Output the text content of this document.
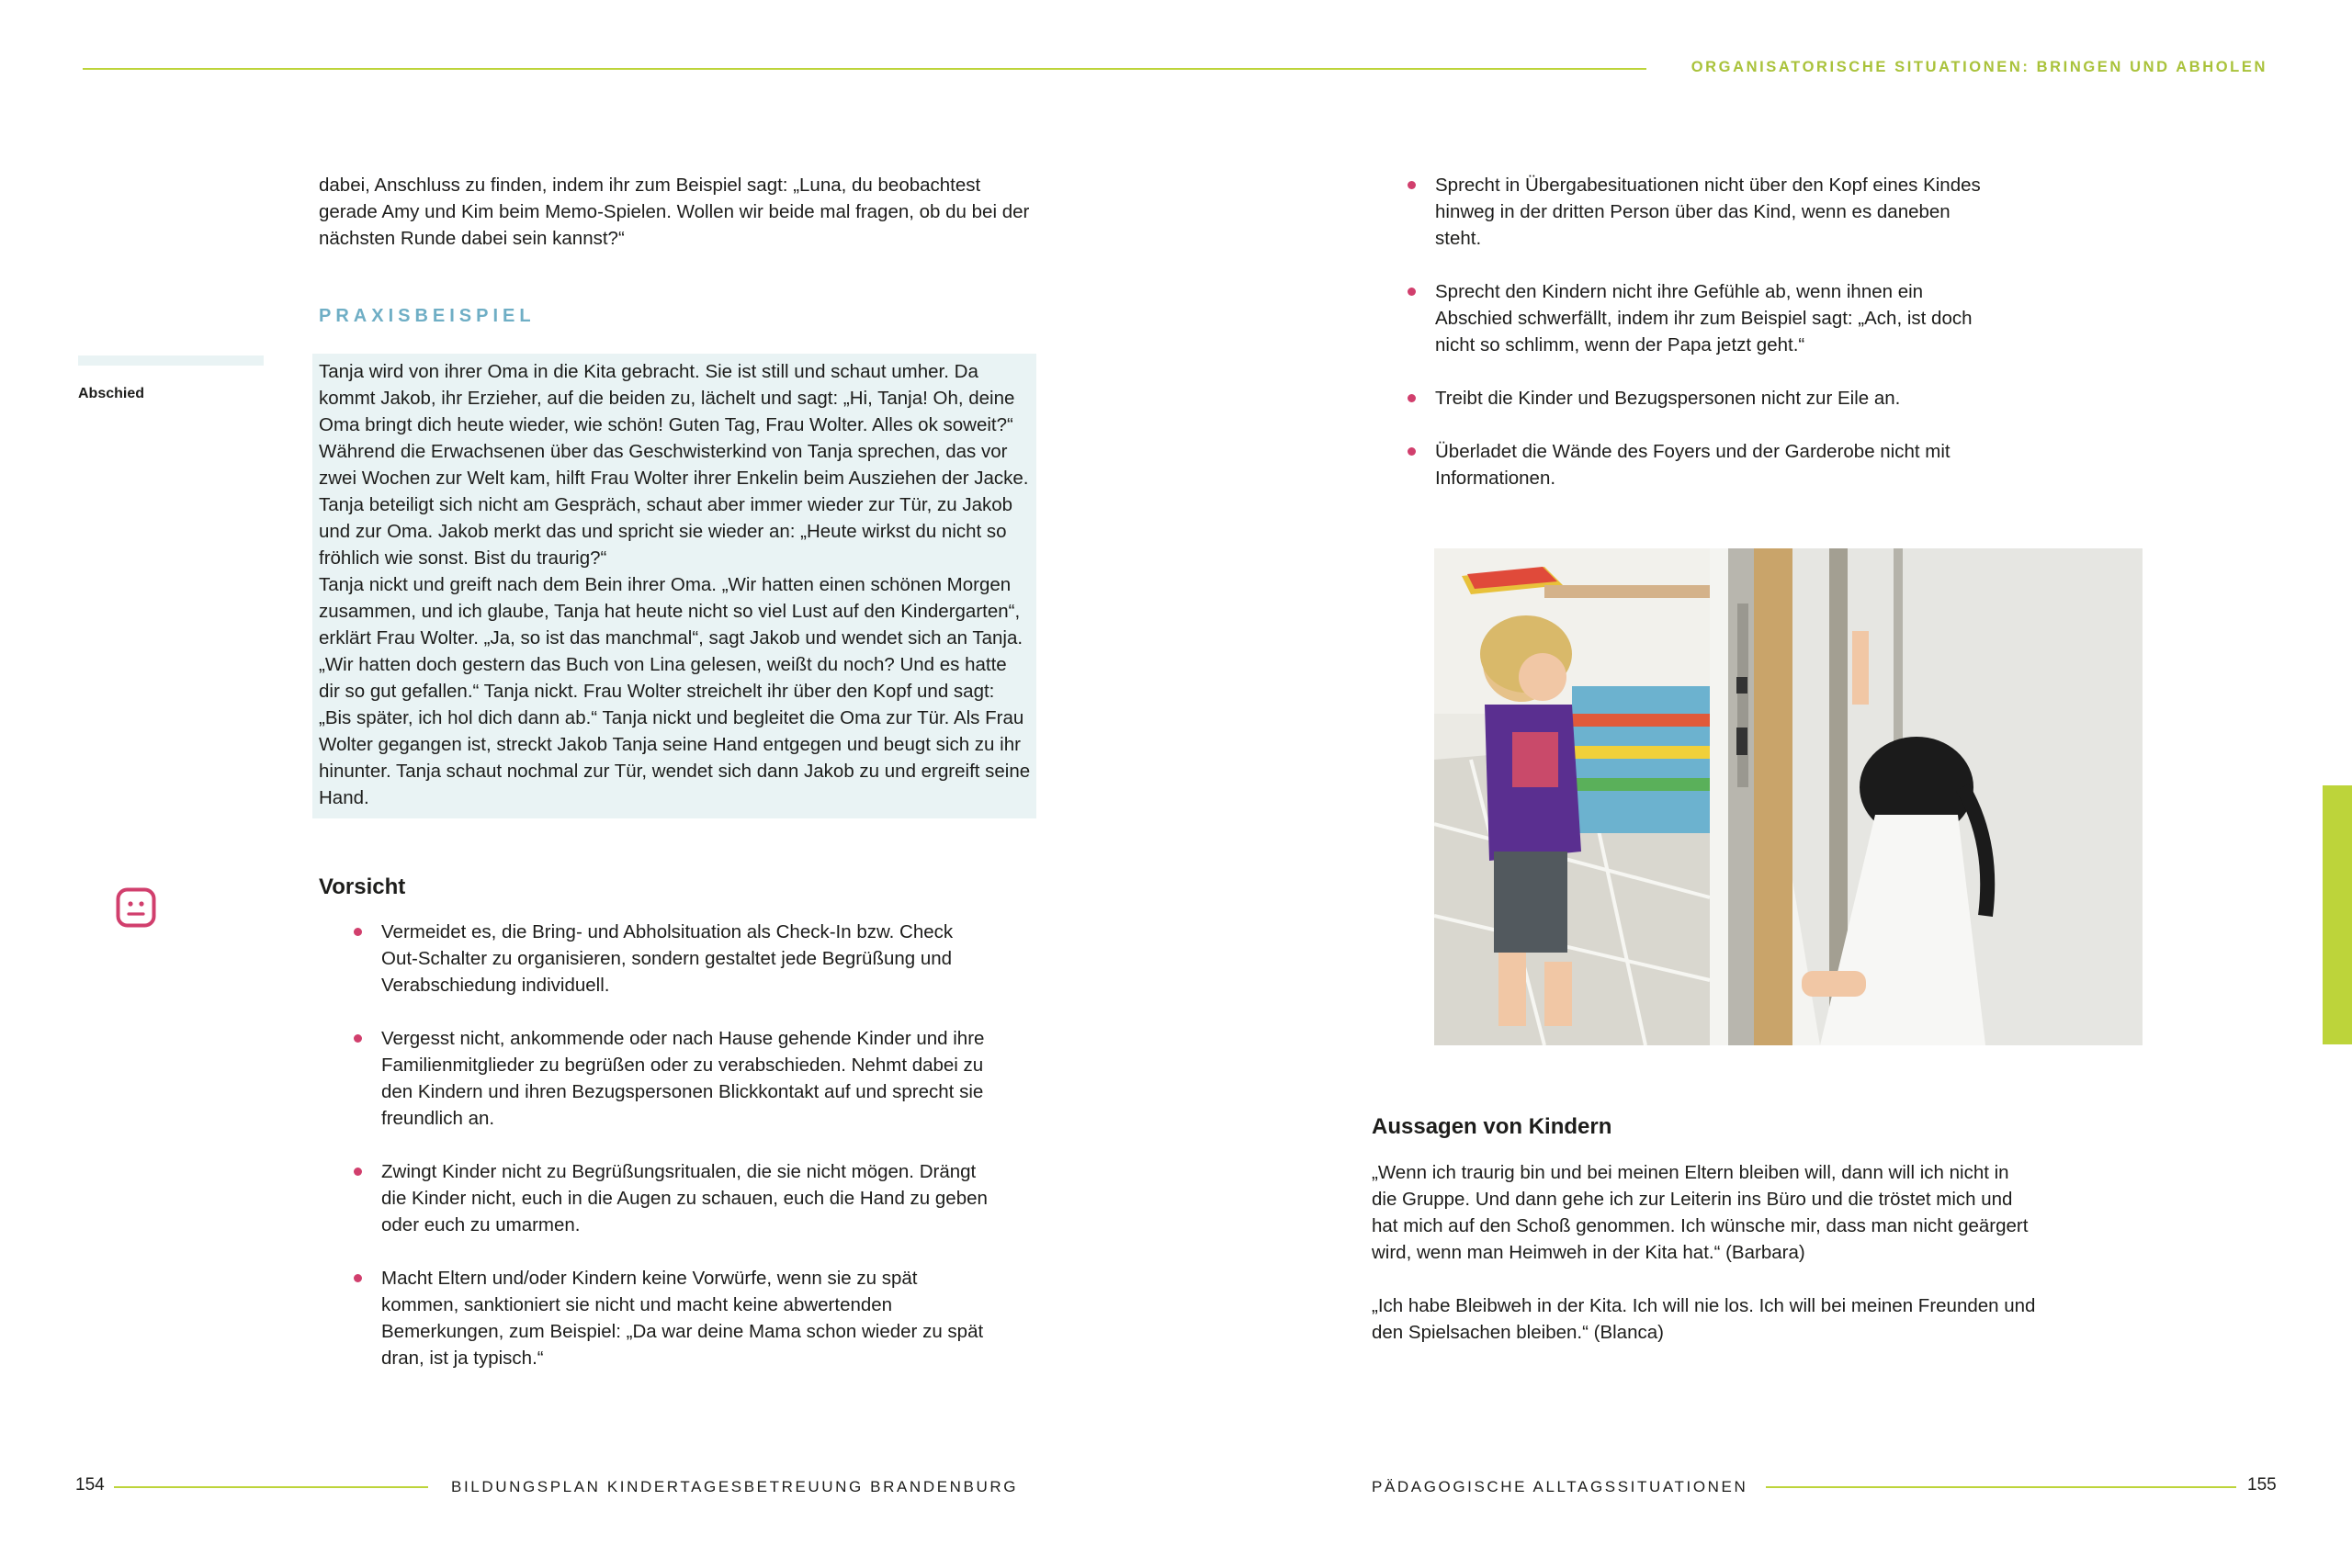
ORGANISATORISCHE SITUATIONEN: BRINGEN UND ABHOLEN

dabei, Anschluss zu finden, indem ihr zum Beispiel sagt: „Luna, du beobachtest

gerade Amy und Kim beim Memo-Spielen. Wollen wir beide mal fragen, ob du bei der

nächsten Runde dabei sein kannst?“

PRAXISBEISPIEL
Abschied
Tanja wird von ihrer Oma in die Kita gebracht. Sie ist still und schaut umher. Da
kommt Jakob, ihr Erzieher, auf die beiden zu, lächelt und sagt: „Hi, Tanja! Oh, deine
Oma bringt dich heute wieder, wie schön! Guten Tag, Frau Wolter. Alles ok soweit?“
Während die Erwachsenen über das Geschwisterkind von Tanja sprechen, das vor
zwei Wochen zur Welt kam, hilft Frau Wolter ihrer Enkelin beim Ausziehen der Jacke.
Tanja beteiligt sich nicht am Gespräch, schaut aber immer wieder zur Tür, zu Jakob
und zur Oma. Jakob merkt das und spricht sie wieder an: „Heute wirkst du nicht so
fröhlich wie sonst. Bist du traurig?“
Tanja nickt und greift nach dem Bein ihrer Oma. „Wir hatten einen schönen Morgen
zusammen, und ich glaube, Tanja hat heute nicht so viel Lust auf den Kindergarten“,
erklärt Frau Wolter. „Ja, so ist das manchmal“, sagt Jakob und wendet sich an Tanja.
„Wir hatten doch gestern das Buch von Lina gelesen, weißt du noch? Und es hatte
dir so gut gefallen.“ Tanja nickt. Frau Wolter streichelt ihr über den Kopf und sagt:
„Bis später, ich hol dich dann ab.“ Tanja nickt und begleitet die Oma zur Tür. Als Frau
Wolter gegangen ist, streckt Jakob Tanja seine Hand entgegen und beugt sich zu ihr
hinunter. Tanja schaut nochmal zur Tür, wendet sich dann Jakob zu und ergreift seine
Hand.
Vorsicht
Vermeidet es, die Bring- und Abholsituation als Check-In bzw. Check
Out-Schalter zu organisieren, sondern gestaltet jede Begrüßung und
Verabschiedung individuell.
Vergesst nicht, ankommende oder nach Hause gehende Kinder und ihre
Familienmitglieder zu begrüßen oder zu verabschieden. Nehmt dabei zu
den Kindern und ihren Bezugspersonen Blickkontakt auf und sprecht sie
freundlich an.
Zwingt Kinder nicht zu Begrüßungsritualen, die sie nicht mögen. Drängt
die Kinder nicht, euch in die Augen zu schauen, euch die Hand zu geben
oder euch zu umarmen.
Macht Eltern und/oder Kindern keine Vorwürfe, wenn sie zu spät
kommen, sanktioniert sie nicht und macht keine abwertenden
Bemerkungen, zum Beispiel: „Da war deine Mama schon wieder zu spät
dran, ist ja typisch.“
154	BILDUNGSPLAN KINDERTAGESBETREUUNG BRANDENBURG
Sprecht in Übergabesituationen nicht über den Kopf eines Kindes
hinweg in der dritten Person über das Kind, wenn es daneben
steht.
Sprecht den Kindern nicht ihre Gefühle ab, wenn ihnen ein
Abschied schwerfällt, indem ihr zum Beispiel sagt: „Ach, ist doch
nicht so schlimm, wenn der Papa jetzt geht.“
Treibt die Kinder und Bezugspersonen nicht zur Eile an.
Überladet die Wände des Foyers und der Garderobe nicht mit
Informationen.
Aussagen von Kindern
„Wenn ich traurig bin und bei meinen Eltern bleiben will, dann will ich nicht in
die Gruppe. Und dann gehe ich zur Leiterin ins Büro und die tröstet mich und
hat mich auf den Schoß genommen. Ich wünsche mir, dass man nicht geärgert
wird, wenn man Heimweh in der Kita hat.“ (Barbara)
„Ich habe Bleibweh in der Kita. Ich will nie los. Ich will bei meinen Freunden und
den Spielsachen bleiben.“ (Blanca)
PÄDAGOGISCHE ALLTAGSSITUATIONEN	155
